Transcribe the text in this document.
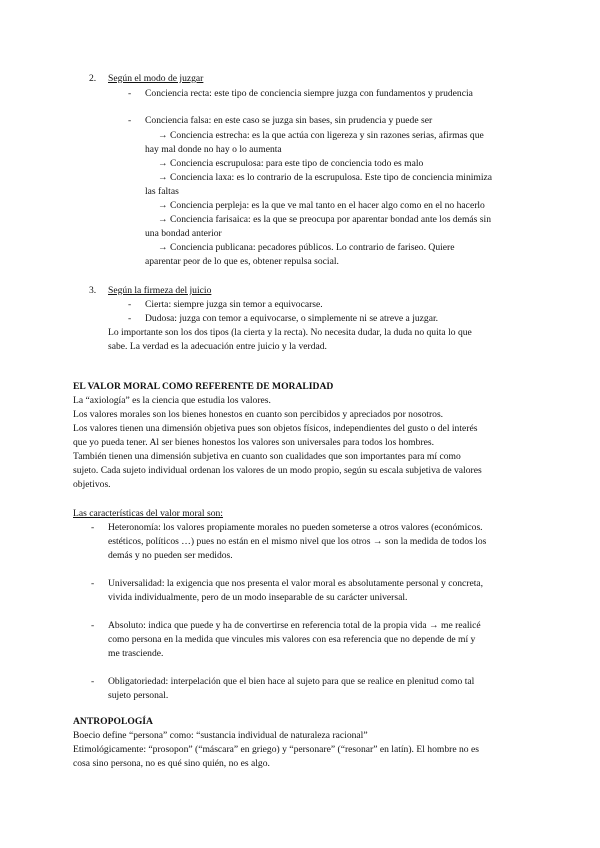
2. Según el modo de juzgar
- Conciencia recta: este tipo de conciencia siempre juzga con fundamentos y prudencia
- Conciencia falsa: en este caso se juzga sin bases, sin prudencia y puede ser
→ Conciencia estrecha: es la que actúa con ligereza y sin razones serias, afirmas que
hay mal donde no hay o lo aumenta
→ Conciencia escrupulosa: para este tipo de conciencia todo es malo
→ Conciencia laxa: es lo contrario de la escrupulosa. Este tipo de conciencia minimiza
las faltas
→ Conciencia perpleja: es la que ve mal tanto en el hacer algo como en el no hacerlo
→ Conciencia farisaica: es la que se preocupa por aparentar bondad ante los demás sin
una bondad anterior
→ Conciencia publicana: pecadores públicos. Lo contrario de fariseo. Quiere
aparentar peor de lo que es, obtener repulsa social.
3. Según la firmeza del juicio
- Cierta: siempre juzga sin temor a equivocarse.
- Dudosa: juzga con temor a equivocarse, o simplemente ni se atreve a juzgar.
Lo importante son los dos tipos (la cierta y la recta). No necesita dudar, la duda no quita lo que
sabe. La verdad es la adecuación entre juicio y la verdad.
EL VALOR MORAL COMO REFERENTE DE MORALIDAD
La “axiología” es la ciencia que estudia los valores.
Los valores morales son los bienes honestos en cuanto son percibidos y apreciados por nosotros.
Los valores tienen una dimensión objetiva pues son objetos físicos, independientes del gusto o del interés
que yo pueda tener. Al ser bienes honestos los valores son universales para todos los hombres.
También tienen una dimensión subjetiva en cuanto son cualidades que son importantes para mí como
sujeto. Cada sujeto individual ordenan los valores de un modo propio, según su escala subjetiva de valores
objetivos.
Las características del valor moral son:
- Heteronomía: los valores propiamente morales no pueden someterse a otros valores (económicos.
estéticos, políticos …) pues no están en el mismo nivel que los otros → son la medida de todos los
demás y no pueden ser medidos.
- Universalidad: la exigencia que nos presenta el valor moral es absolutamente personal y concreta,
vivida individualmente, pero de un modo inseparable de su carácter universal.
- Absoluto: indica que puede y ha de convertirse en referencia total de la propia vida → me realicé
como persona en la medida que vincules mis valores con esa referencia que no depende de mí y
me trasciende.
- Obligatoriedad: interpelación que el bien hace al sujeto para que se realice en plenitud como tal
sujeto personal.
ANTROPOLOGÍA
Boecio define “persona” como: “sustancia individual de naturaleza racional”
Etimológicamente: “prosopon” (“máscara” en griego) y “personare” (“resonar” en latín). El hombre no es
cosa sino persona, no es qué sino quién, no es algo.
